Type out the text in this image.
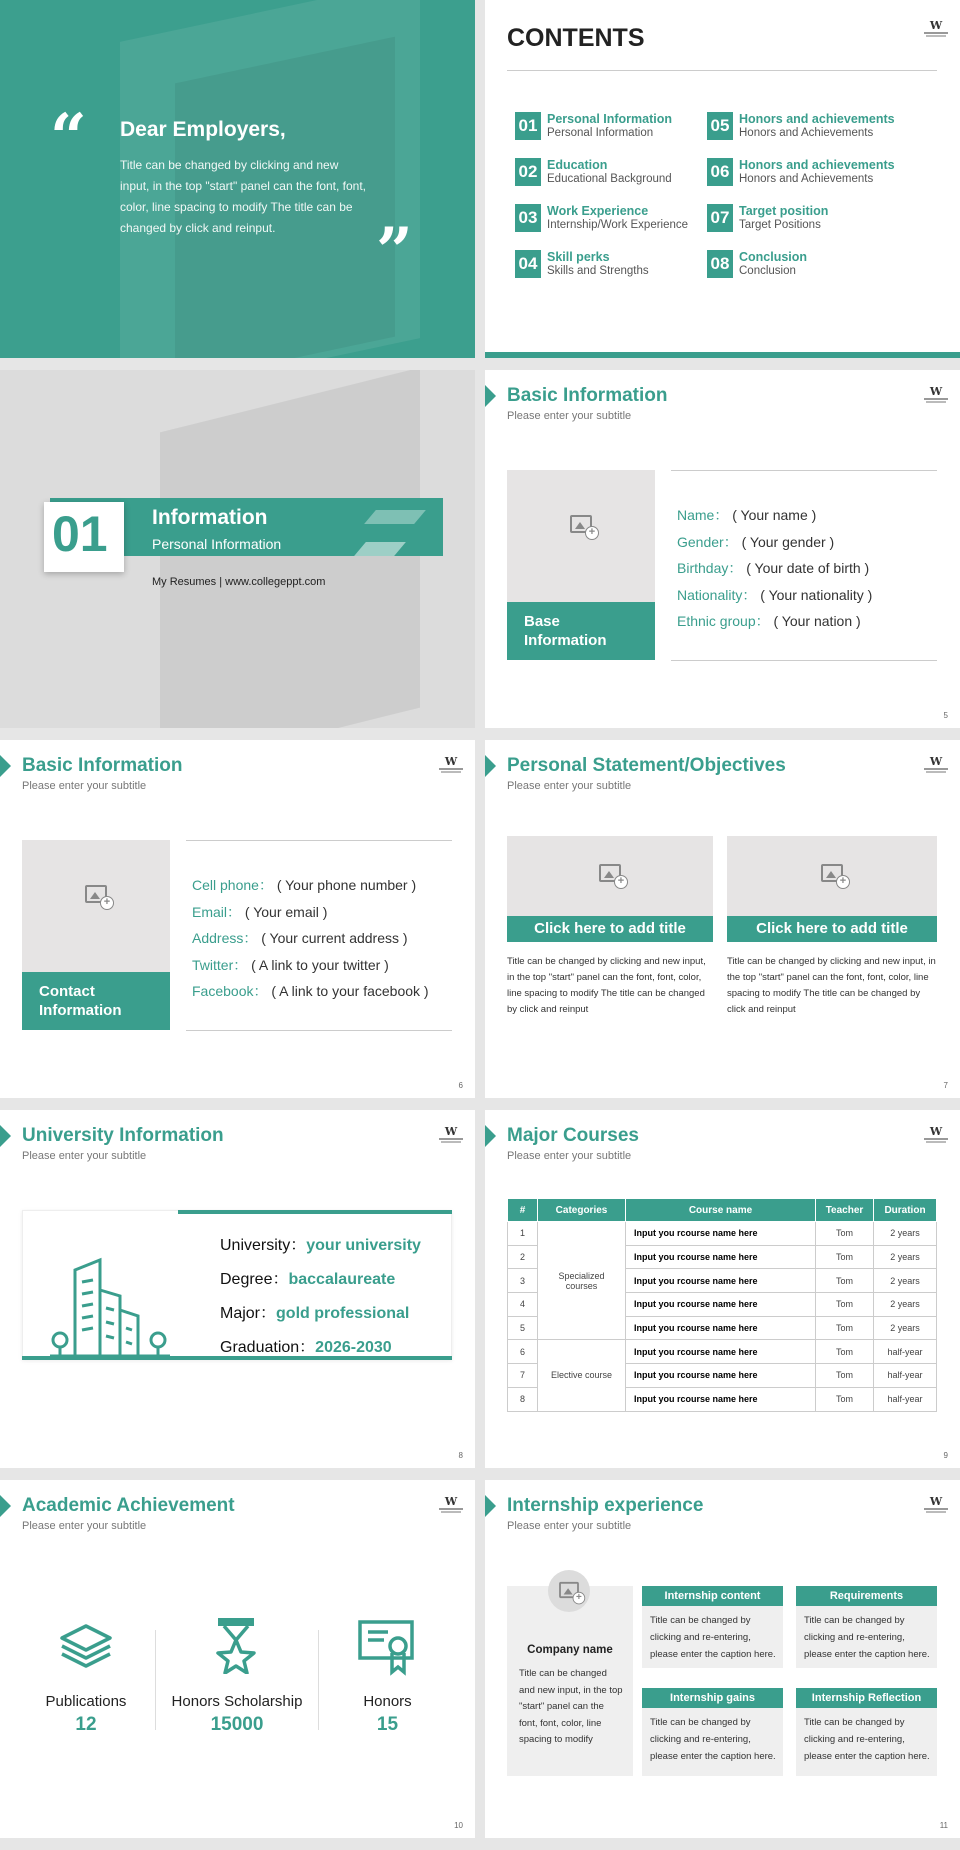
“ Dear Employers,
Title can be changed by clicking and new input, in the top "start" panel can the font, font, color, line spacing to modify The title can be changed by click and reinput.	”
CONTENTS	W
01 Personal Information
Personal Information
02 Education
Educational Background
03 Work Experience
Internship/Work Experience
04 Skill perks
Skills and Strengths
05 Honors and achievements
Honors and Achievements
06 Honors and achievements
Honors and Achievements
07 Target position
Target Positions
08 Conclusion
Conclusion
01 Information
Personal Information
My Resumes | www.collegeppt.com
Basic Information
Please enter your subtitle
W
+
Base Information
Name： ( Your name )
Gender： ( Your gender )
Birthday： ( Your date of birth )
Nationality： ( Your nationality )
Ethnic group： ( Your nation )
5
Basic Information
Please enter your subtitle
W
+
Contact Information
Cell phone： ( Your phone number )
Email： ( Your email )
Address： ( Your current address )
Twitter： ( A link to your twitter )
Facebook： ( A link to your facebook )
6
Personal Statement/Objectives
Please enter your subtitle
W
+
Click here to add title
Title can be changed by clicking and new input, in the top "start" panel can the font, font, color, line spacing to modify The title can be changed by click and reinput
+
Click here to add title
Title can be changed by clicking and new input, in the top "start" panel can the font, font, color, line spacing to modify The title can be changed by click and reinput
7
University Information
Please enter your subtitle
W
University：your university
Degree：baccalaureate
Major：gold professional
Graduation：2026-2030
8
Major Courses
Please enter your subtitle
W
#	Categories	Course name	Teacher	Duration
1	Specialized courses	Input you rcourse name here	Tom	2 years
2		Input you rcourse name here	Tom	2 years
3		Input you rcourse name here	Tom	2 years
4		Input you rcourse name here	Tom	2 years
5		Input you rcourse name here	Tom	2 years
6	Elective course	Input you rcourse name here	Tom	half-year
7		Input you rcourse name here	Tom	half-year
8		Input you rcourse name here	Tom	half-year
9
Academic Achievement
Please enter your subtitle
W
Publications
12
Honors Scholarship
15000
Honors
15
10
Internship experience
Please enter your subtitle
W
+
Company name
Title can be changed and new input, in the top "start" panel can the font, font, color, line spacing to modify
Internship content
Title can be changed by clicking and re-entering, please enter the caption here.
Requirements
Title can be changed by clicking and re-entering, please enter the caption here.
Internship gains
Title can be changed by clicking and re-entering, please enter the caption here.
Internship Reflection
Title can be changed by clicking and re-entering, please enter the caption here.
11
